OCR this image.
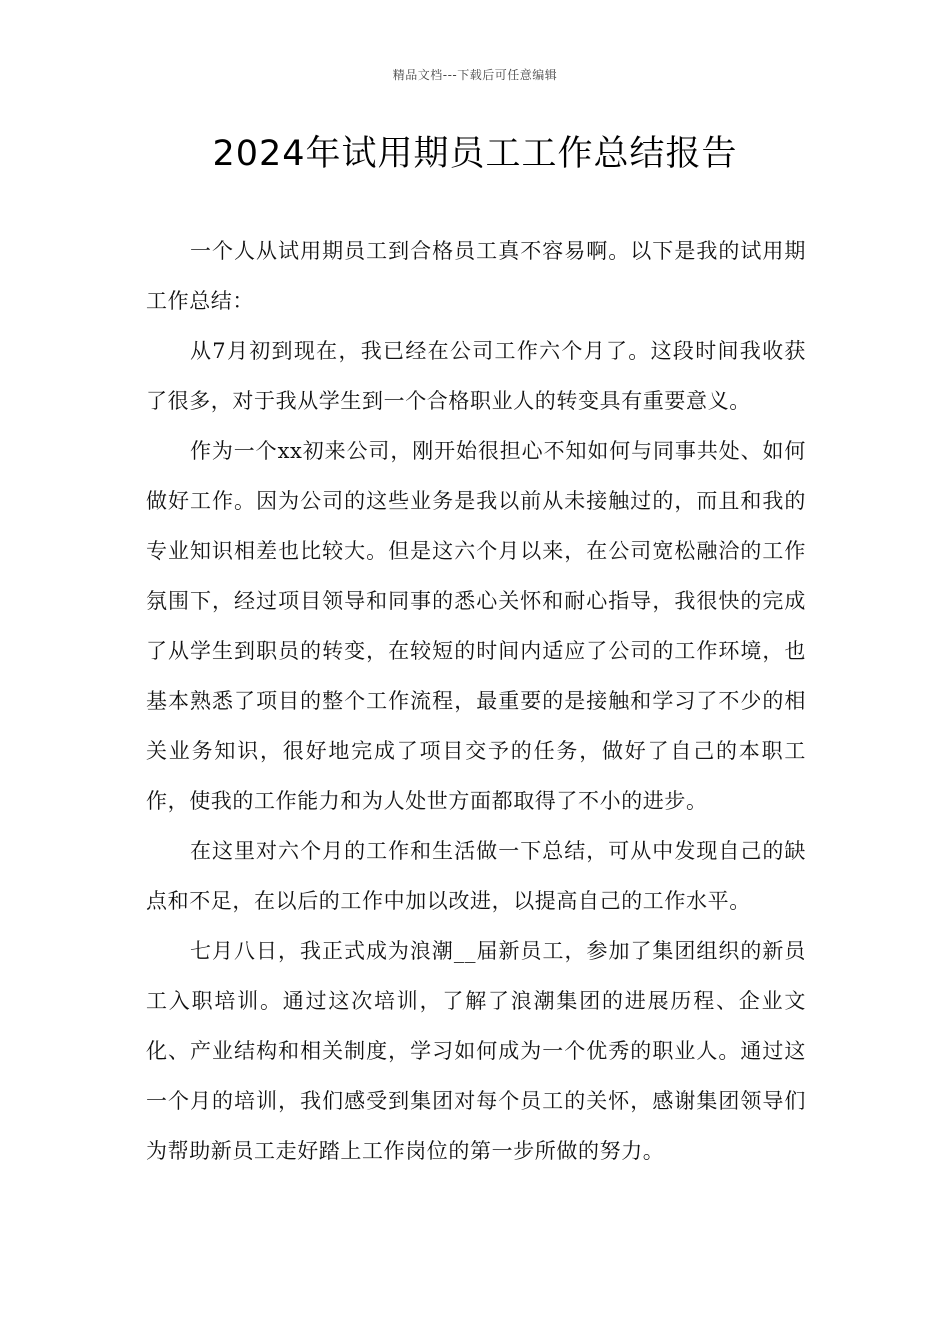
精品文档---下载后可任意编辑
2024年试用期员工工作总结报告

一个人从试用期员工到合格员工真不容易啊。以下是我的试用期工作总结：

从7月初到现在，我已经在公司工作六个月了。这段时间我收获了很多，对于我从学生到一个合格职业人的转变具有重要意义。

作为一个xx初来公司，刚开始很担心不知如何与同事共处、如何做好工作。因为公司的这些业务是我以前从未接触过的，而且和我的专业知识相差也比较大。但是这六个月以来，在公司宽松融洽的工作氛围下，经过项目领导和同事的悉心关怀和耐心指导，我很快的完成了从学生到职员的转变，在较短的时间内适应了公司的工作环境，也基本熟悉了项目的整个工作流程，最重要的是接触和学习了不少的相关业务知识，很好地完成了项目交予的任务，做好了自己的本职工作，使我的工作能力和为人处世方面都取得了不小的进步。

在这里对六个月的工作和生活做一下总结，可从中发现自己的缺点和不足，在以后的工作中加以改进，以提高自己的工作水平。

七月八日，我正式成为浪潮__届新员工，参加了集团组织的新员工入职培训。通过这次培训，了解了浪潮集团的进展历程、企业文化、产业结构和相关制度，学习如何成为一个优秀的职业人。通过这一个月的培训，我们感受到集团对每个员工的关怀，感谢集团领导们为帮助新员工走好踏上工作岗位的第一步所做的努力。
